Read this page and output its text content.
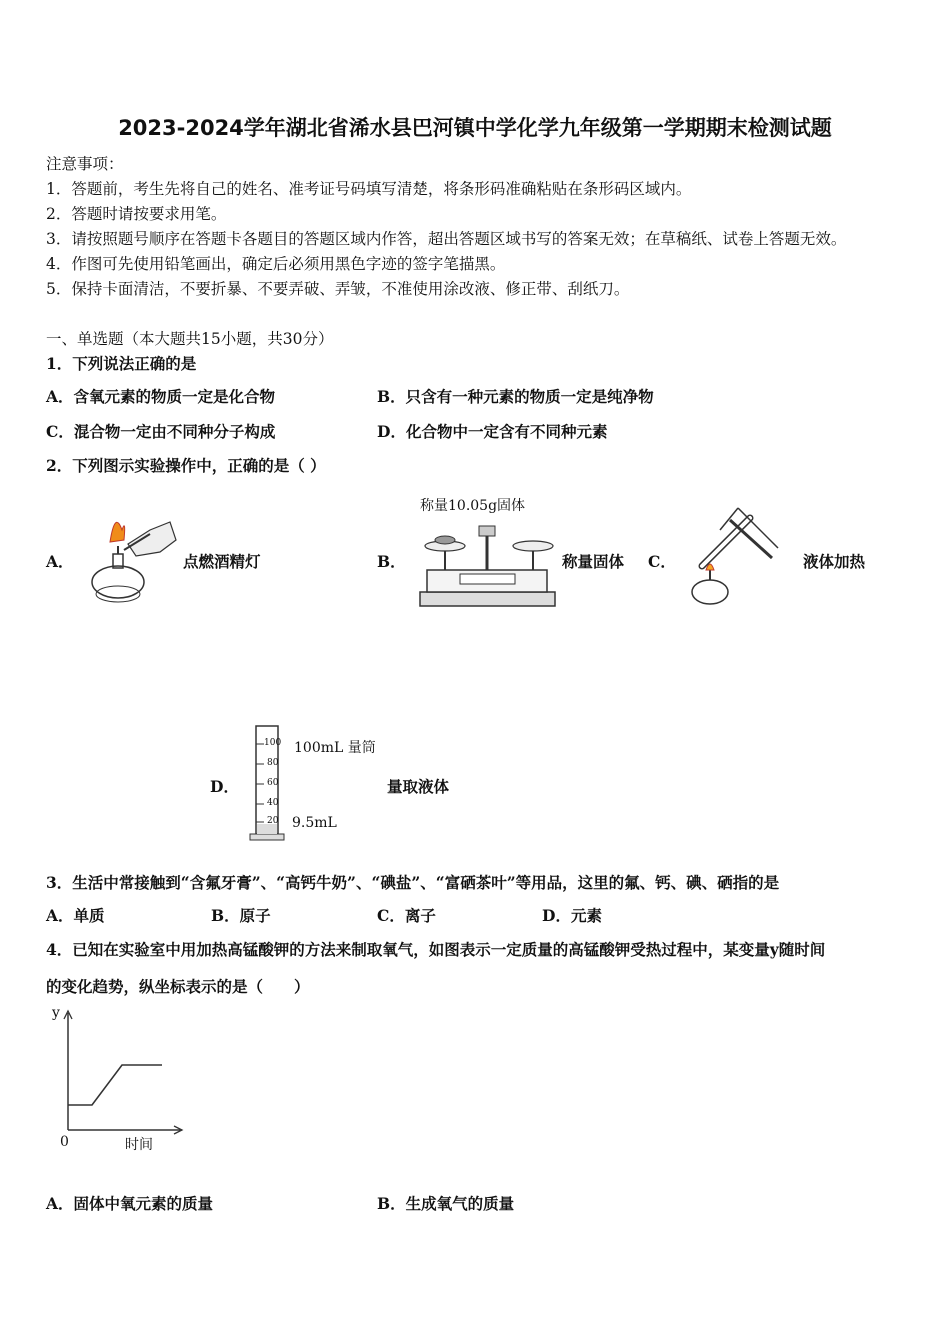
2023-2024学年湖北省浠水县巴河镇中学化学九年级第一学期期末检测试题
注意事项：
1．答题前，考生先将自己的姓名、准考证号码填写清楚，将条形码准确粘贴在条形码区域内。
2．答题时请按要求用笔。
3．请按照题号顺序在答题卡各题目的答题区域内作答，超出答题区域书写的答案无效；在草稿纸、试卷上答题无效。
4．作图可先使用铅笔画出，确定后必须用黑色字迹的签字笔描黑。
5．保持卡面清洁，不要折暴、不要弄破、弄皱，不准使用涂改液、修正带、刮纸刀。
一、单选题（本大题共15小题，共30分）
1．下列说法正确的是
A．含氧元素的物质一定是化合物	B．只含有一种元素的物质一定是纯净物
C．混合物一定由不同种分子构成	D．化合物中一定含有不同种元素
2．下列图示实验操作中，正确的是（ ）
A．	点燃酒精灯	B．
称量10.05g固体
称量固体 C．	液体加热
D．
100
80
60
40
20
100mL 量筒
9.5mL
量取液体
3．生活中常接触到“含氟牙膏”、“高钙牛奶”、“碘盐”、“富硒茶叶”等用品，这里的氟、钙、碘、硒指的是
A．单质	B．原子	C．离子	D．元素
4．已知在实验室中用加热高锰酸钾的方法来制取氧气，如图表示一定质量的高锰酸钾受热过程中，某变量y随时间
的变化趋势，纵坐标表示的是（　　）
y
0	时间
A．固体中氧元素的质量	B．生成氧气的质量
